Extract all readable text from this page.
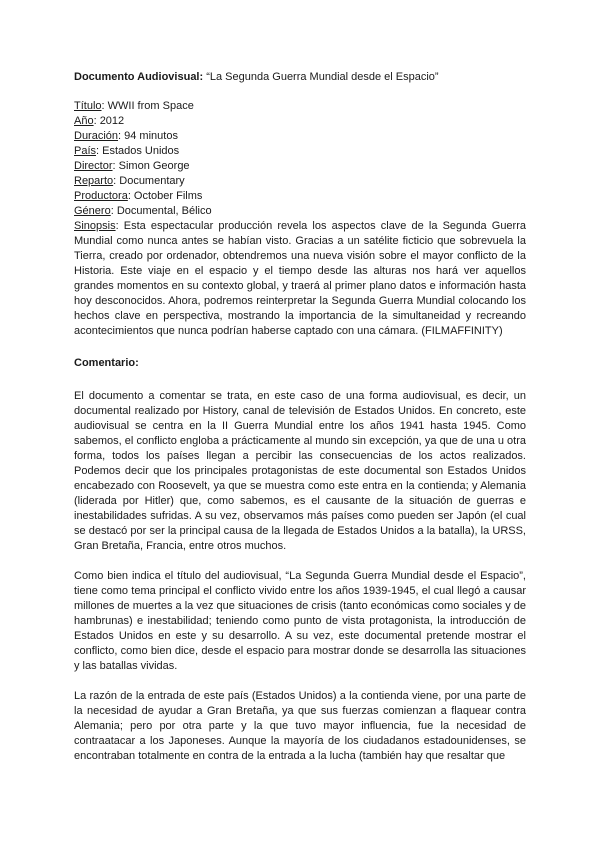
Documento Audiovisual: “La Segunda Guerra Mundial desde el Espacio”

Título: WWII from Space

Año: 2012

Duración: 94 minutos

País: Estados Unidos

Director: Simon George

Reparto: Documentary

Productora: October Films

Género: Documental, Bélico

Sinopsis: Esta espectacular producción revela los aspectos clave de la Segunda Guerra Mundial como nunca antes se habían visto. Gracias a un satélite ficticio que sobrevuela la Tierra, creado por ordenador, obtendremos una nueva visión sobre el mayor conflicto de la Historia. Este viaje en el espacio y el tiempo desde las alturas nos hará ver aquellos grandes momentos en su contexto global, y traerá al primer plano datos e información hasta hoy desconocidos. Ahora, podremos reinterpretar la Segunda Guerra Mundial colocando los hechos clave en perspectiva, mostrando la importancia de la simultaneidad y recreando acontecimientos que nunca podrían haberse captado con una cámara. (FILMAFFINITY)

Comentario:

El documento a comentar se trata, en este caso de una forma audiovisual, es decir, un documental realizado por History, canal de televisión de Estados Unidos. En concreto, este audiovisual se centra en la II Guerra Mundial entre los años 1941 hasta 1945. Como sabemos, el conflicto engloba a prácticamente al mundo sin excepción, ya que de una u otra forma, todos los países llegan a percibir las consecuencias de los actos realizados. Podemos decir que los principales protagonistas de este documental son Estados Unidos encabezado con Roosevelt, ya que se muestra como este entra en la contienda; y Alemania (liderada por Hitler) que, como sabemos, es el causante de la situación de guerras e inestabilidades sufridas. A su vez, observamos más países como pueden ser Japón (el cual se destacó por ser la principal causa de la llegada de Estados Unidos a la batalla), la URSS, Gran Bretaña, Francia, entre otros muchos.

Como bien indica el título del audiovisual, “La Segunda Guerra Mundial desde el Espacio”, tiene como tema principal el conflicto vivido entre los años 1939-1945, el cual llegó a causar millones de muertes a la vez que situaciones de crisis (tanto económicas como sociales y de hambrunas) e inestabilidad; teniendo como punto de vista protagonista, la introducción de Estados Unidos en este y su desarrollo. A su vez, este documental pretende mostrar el conflicto, como bien dice, desde el espacio para mostrar donde se desarrolla las situaciones y las batallas vividas.

La razón de la entrada de este país (Estados Unidos) a la contienda viene, por una parte de la necesidad de ayudar a Gran Bretaña, ya que sus fuerzas comienzan a flaquear contra Alemania; pero por otra parte y la que tuvo mayor influencia, fue la necesidad de contraatacar a los Japoneses. Aunque la mayoría de los ciudadanos estadounidenses, se encontraban totalmente en contra de la entrada a la lucha (también hay que resaltar que
